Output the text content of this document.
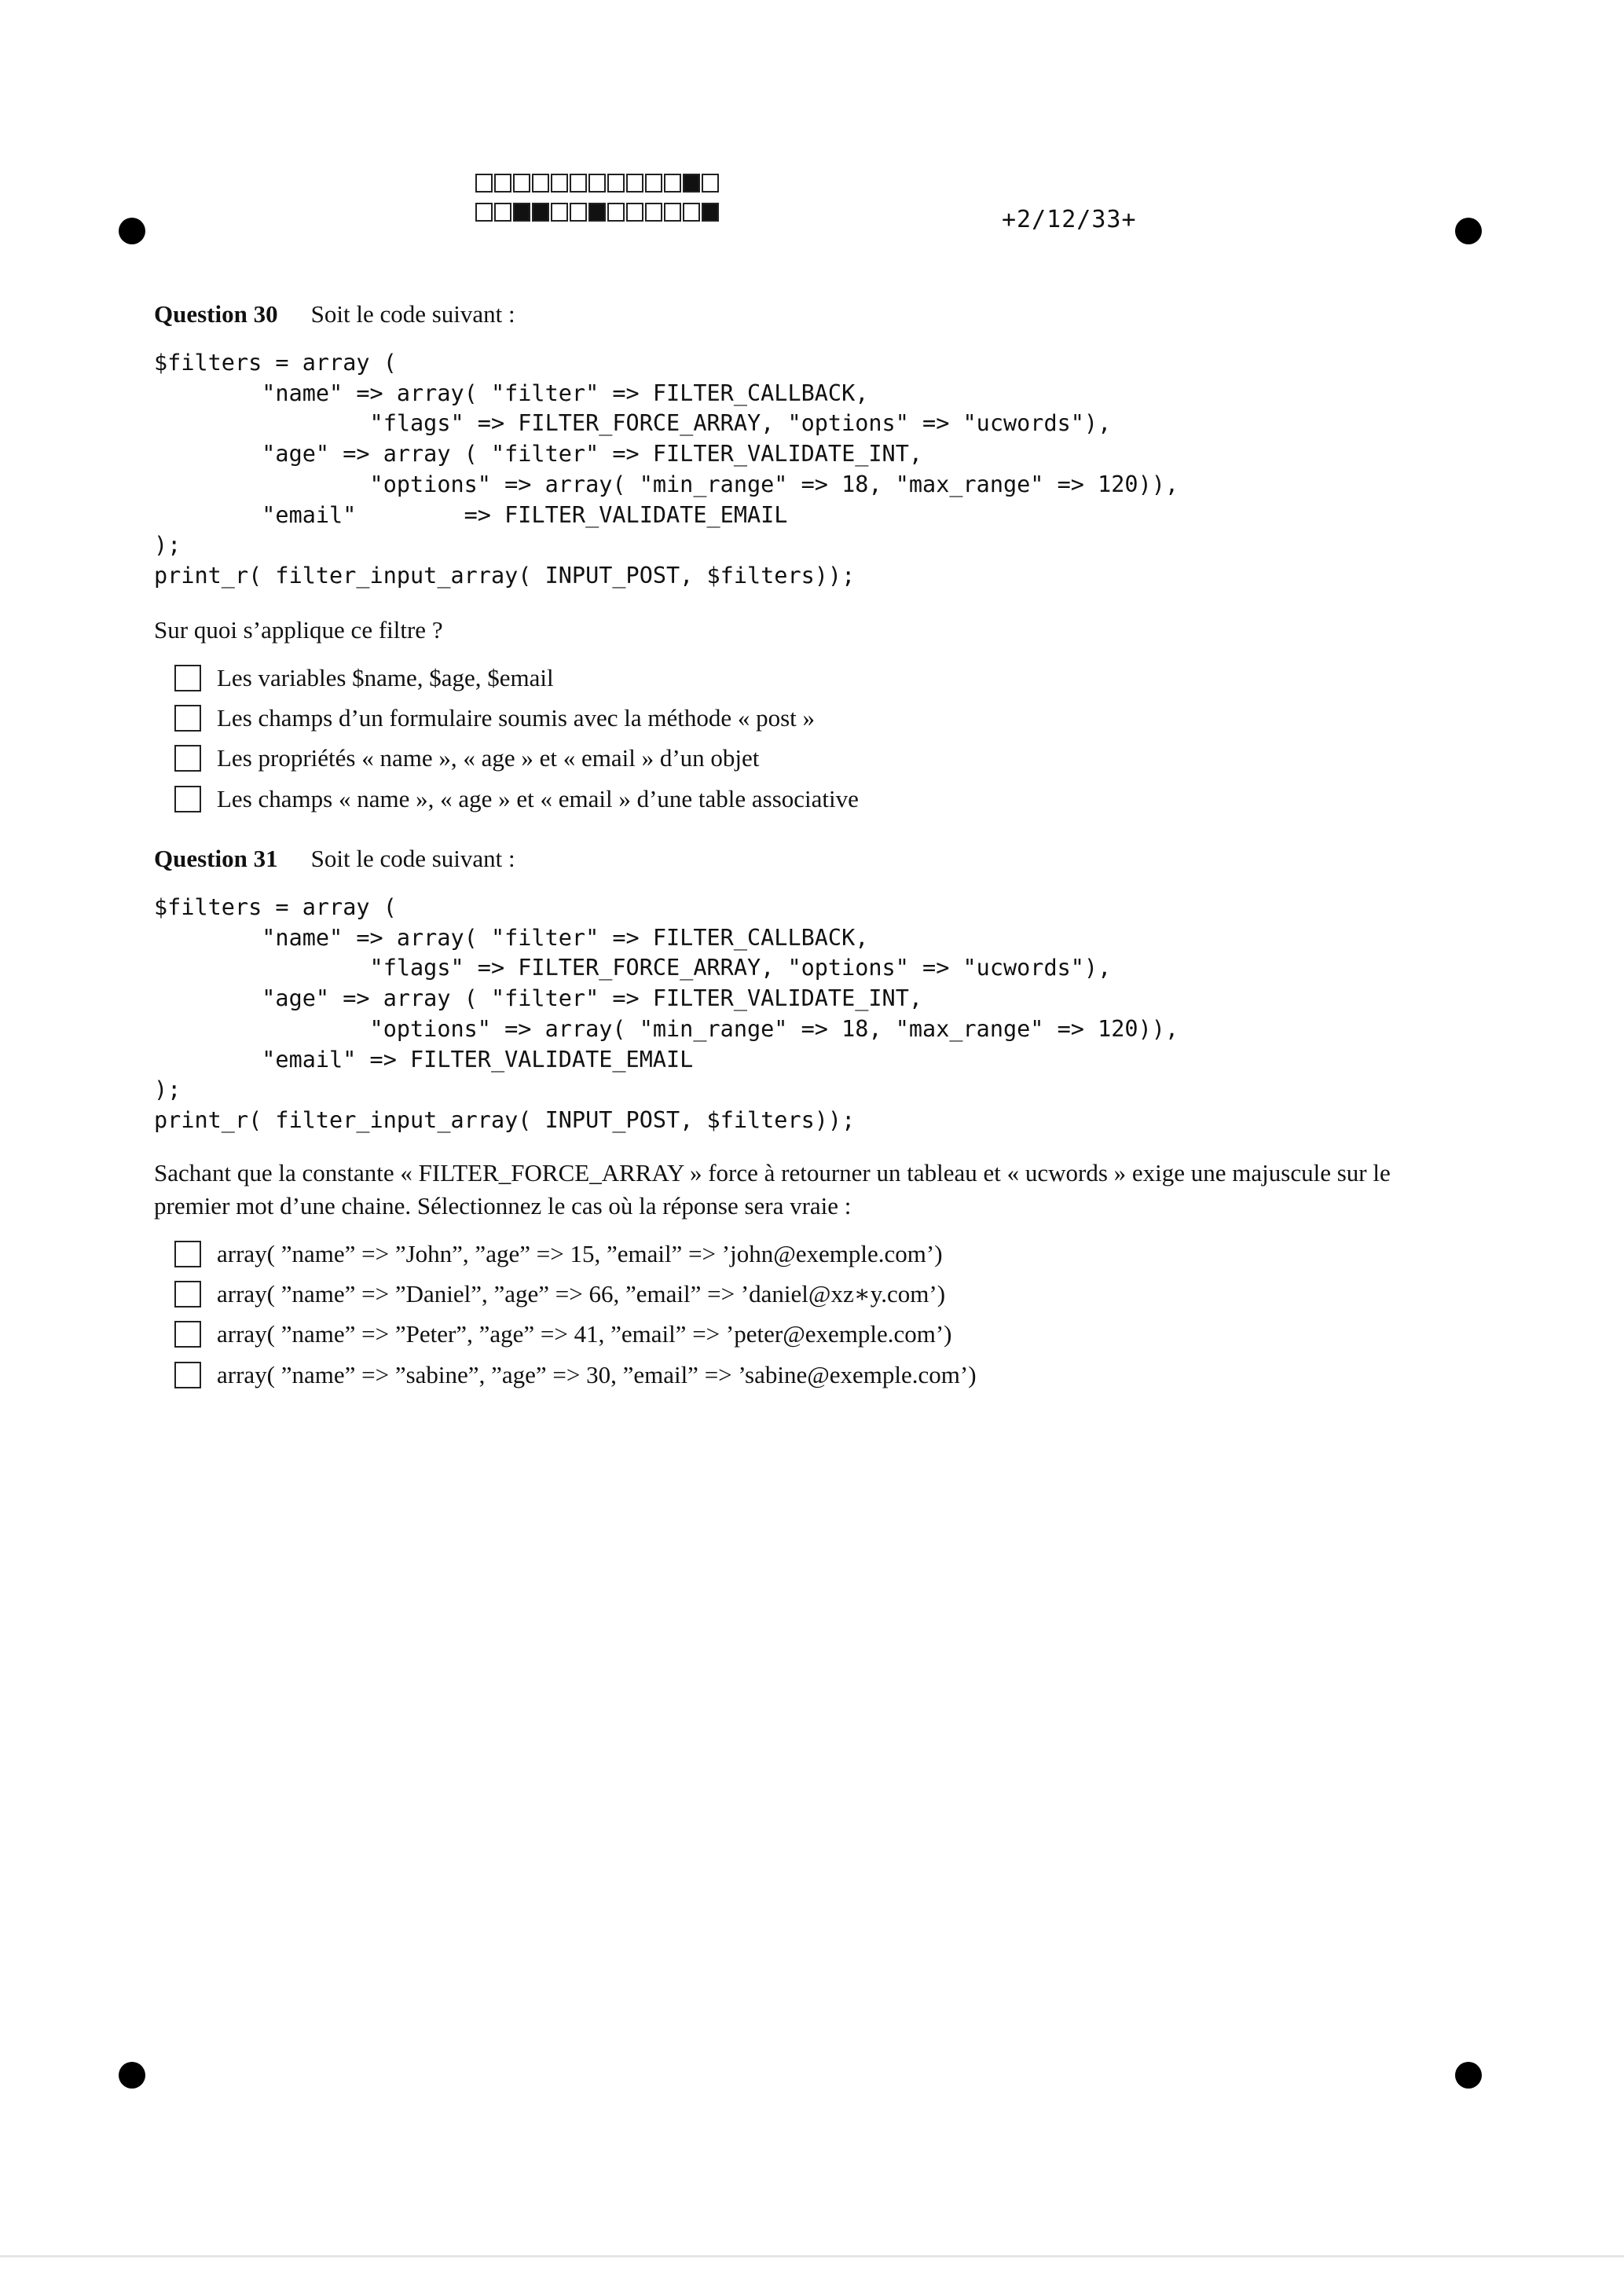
+2/12/33+
Question 30 Soit le code suivant :
$filters = array (
"name" => array( "filter" => FILTER_CALLBACK,
"flags" => FILTER_FORCE_ARRAY, "options" => "ucwords"),
"age" => array ( "filter" => FILTER_VALIDATE_INT,
"options" => array( "min_range" => 18, "max_range" => 120)),
"email"        => FILTER_VALIDATE_EMAIL
);
print_r( filter_input_array( INPUT_POST, $filters));
Sur quoi s’applique ce filtre ?
Les variables $name, $age, $email
Les champs d’un formulaire soumis avec la méthode « post »
Les propriétés « name », « age » et « email » d’un objet
Les champs « name », « age » et « email » d’une table associative
Question 31 Soit le code suivant :
$filters = array (
"name" => array( "filter" => FILTER_CALLBACK,
"flags" => FILTER_FORCE_ARRAY, "options" => "ucwords"),
"age" => array ( "filter" => FILTER_VALIDATE_INT,
"options" => array( "min_range" => 18, "max_range" => 120)),
"email" => FILTER_VALIDATE_EMAIL
);
print_r( filter_input_array( INPUT_POST, $filters));
Sachant que la constante « FILTER_FORCE_ARRAY » force à retourner un tableau et « ucwords » exige une majuscule sur le premier mot d’une chaine. Sélectionnez le cas où la réponse sera vraie :
array( ”name” => ”John”, ”age” => 15, ”email” => ’john@exemple.com’)
array( ”name” => ”Daniel”, ”age” => 66, ”email” => ’daniel@xz∗y.com’)
array( ”name” => ”Peter”, ”age” => 41, ”email” => ’peter@exemple.com’)
array( ”name” => ”sabine”, ”age” => 30, ”email” => ’sabine@exemple.com’)
